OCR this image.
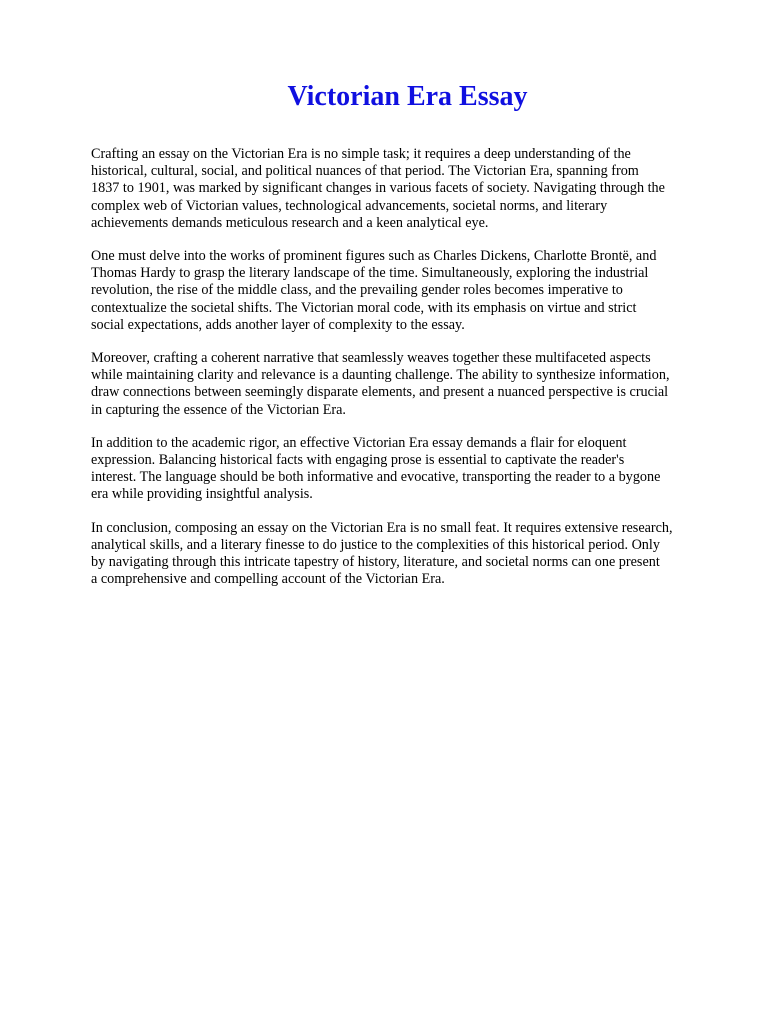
Victorian Era Essay

Crafting an essay on the Victorian Era is no simple task; it requires a deep understanding of the
historical, cultural, social, and political nuances of that period. The Victorian Era, spanning from
1837 to 1901, was marked by significant changes in various facets of society. Navigating through the
complex web of Victorian values, technological advancements, societal norms, and literary
achievements demands meticulous research and a keen analytical eye.

One must delve into the works of prominent figures such as Charles Dickens, Charlotte Brontë, and
Thomas Hardy to grasp the literary landscape of the time. Simultaneously, exploring the industrial
revolution, the rise of the middle class, and the prevailing gender roles becomes imperative to
contextualize the societal shifts. The Victorian moral code, with its emphasis on virtue and strict
social expectations, adds another layer of complexity to the essay.

Moreover, crafting a coherent narrative that seamlessly weaves together these multifaceted aspects
while maintaining clarity and relevance is a daunting challenge. The ability to synthesize information,
draw connections between seemingly disparate elements, and present a nuanced perspective is crucial
in capturing the essence of the Victorian Era.

In addition to the academic rigor, an effective Victorian Era essay demands a flair for eloquent
expression. Balancing historical facts with engaging prose is essential to captivate the reader's
interest. The language should be both informative and evocative, transporting the reader to a bygone
era while providing insightful analysis.

In conclusion, composing an essay on the Victorian Era is no small feat. It requires extensive research,
analytical skills, and a literary finesse to do justice to the complexities of this historical period. Only
by navigating through this intricate tapestry of history, literature, and societal norms can one present
a comprehensive and compelling account of the Victorian Era.
